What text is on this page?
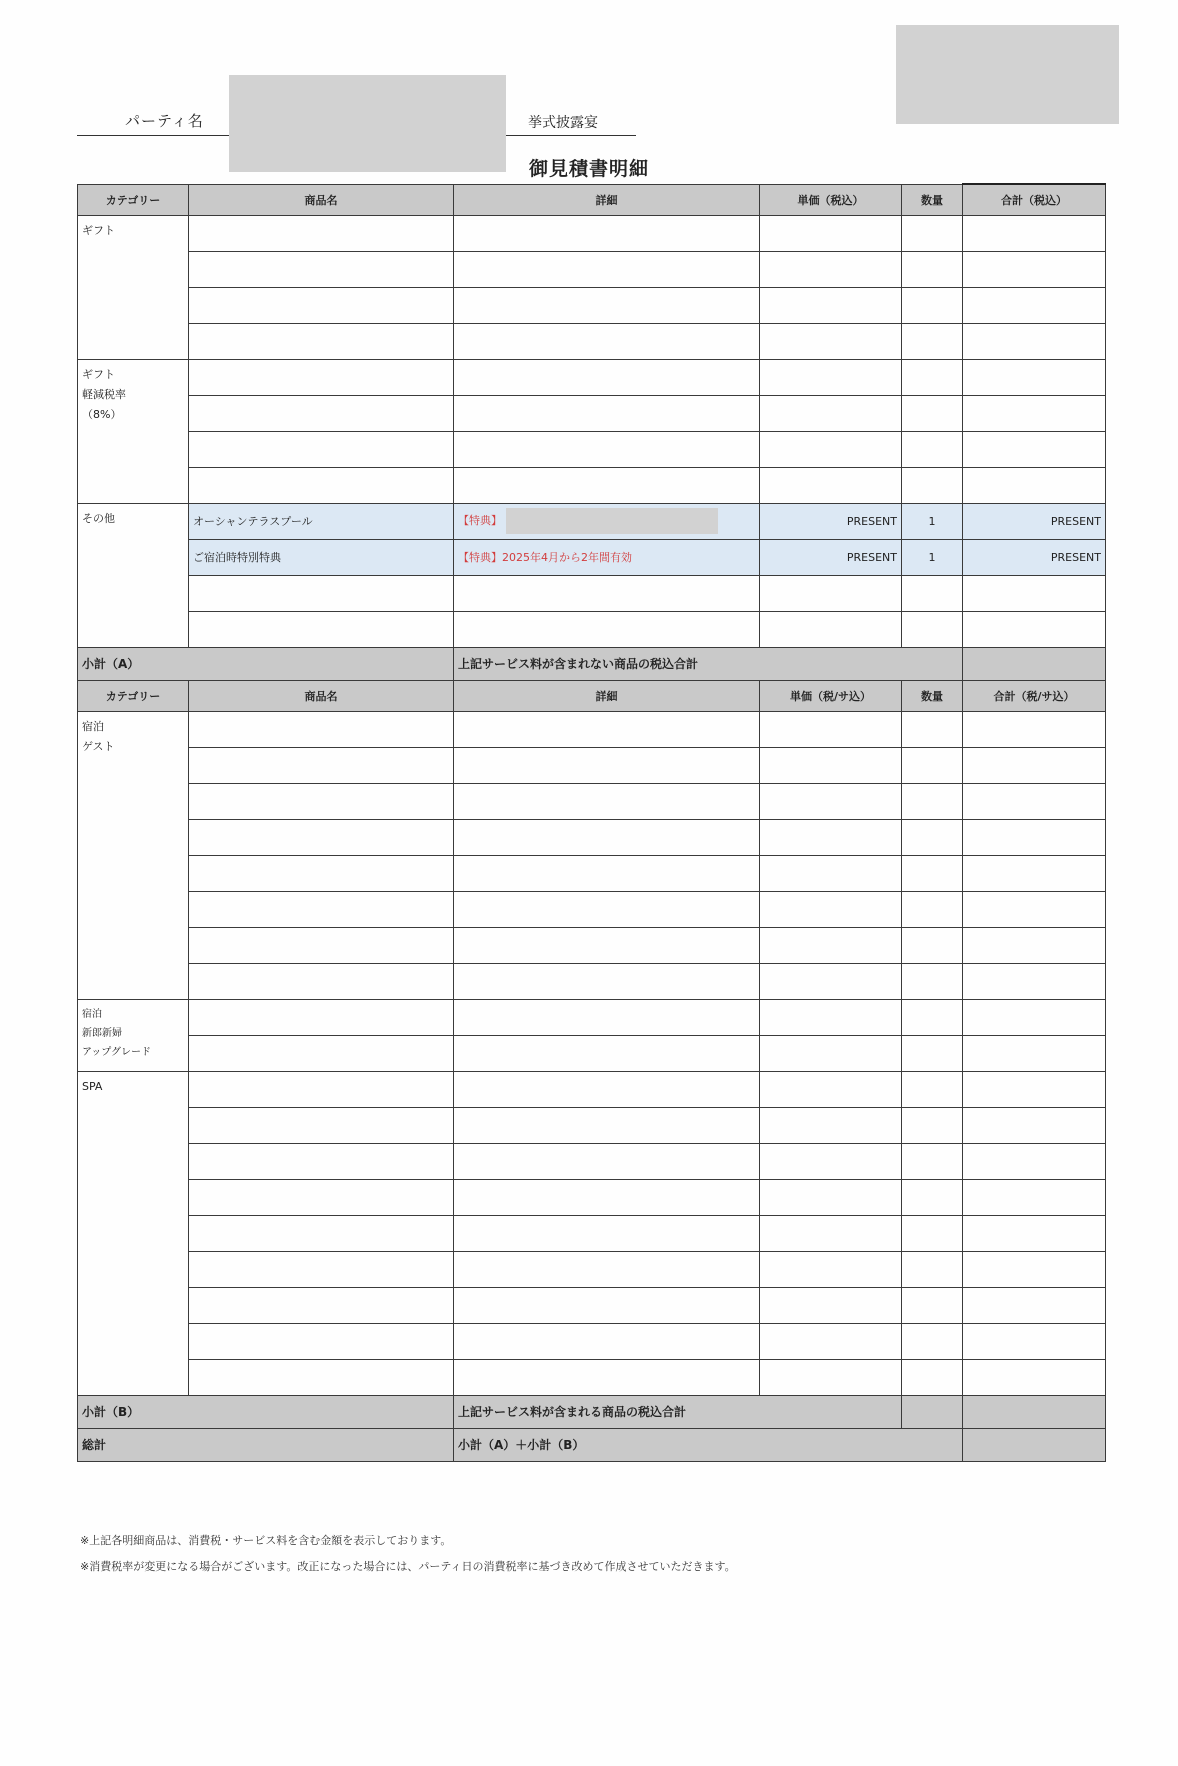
パーティ名	挙式披露宴
御見積書明細
カテゴリー	商品名	詳細	単価（税込）	数量	合計（税込）
ギフト					

ギフト
軽減税率
（8%）					

その他	オーシャンテラスプール	【特典】	PRESENT	1	PRESENT
	ご宿泊時特別特典	【特典】2025年4月から2年間有効	PRESENT	1	PRESENT

小計（A）		上記サービス料が含まれない商品の税込合計			
カテゴリー	商品名	詳細	単価（税/サ込）	数量	合計（税/サ込）
宿泊
ゲスト					

宿泊
新郎新婦
アップグレード					

SPA					

小計（B）		上記サービス料が含まれる商品の税込合計			
総計		小計（A）＋小計（B）			
※上記各明細商品は、消費税・サービス料を含む金額を表示しております。
※消費税率が変更になる場合がございます。改正になった場合には、パーティ日の消費税率に基づき改めて作成させていただきます。
